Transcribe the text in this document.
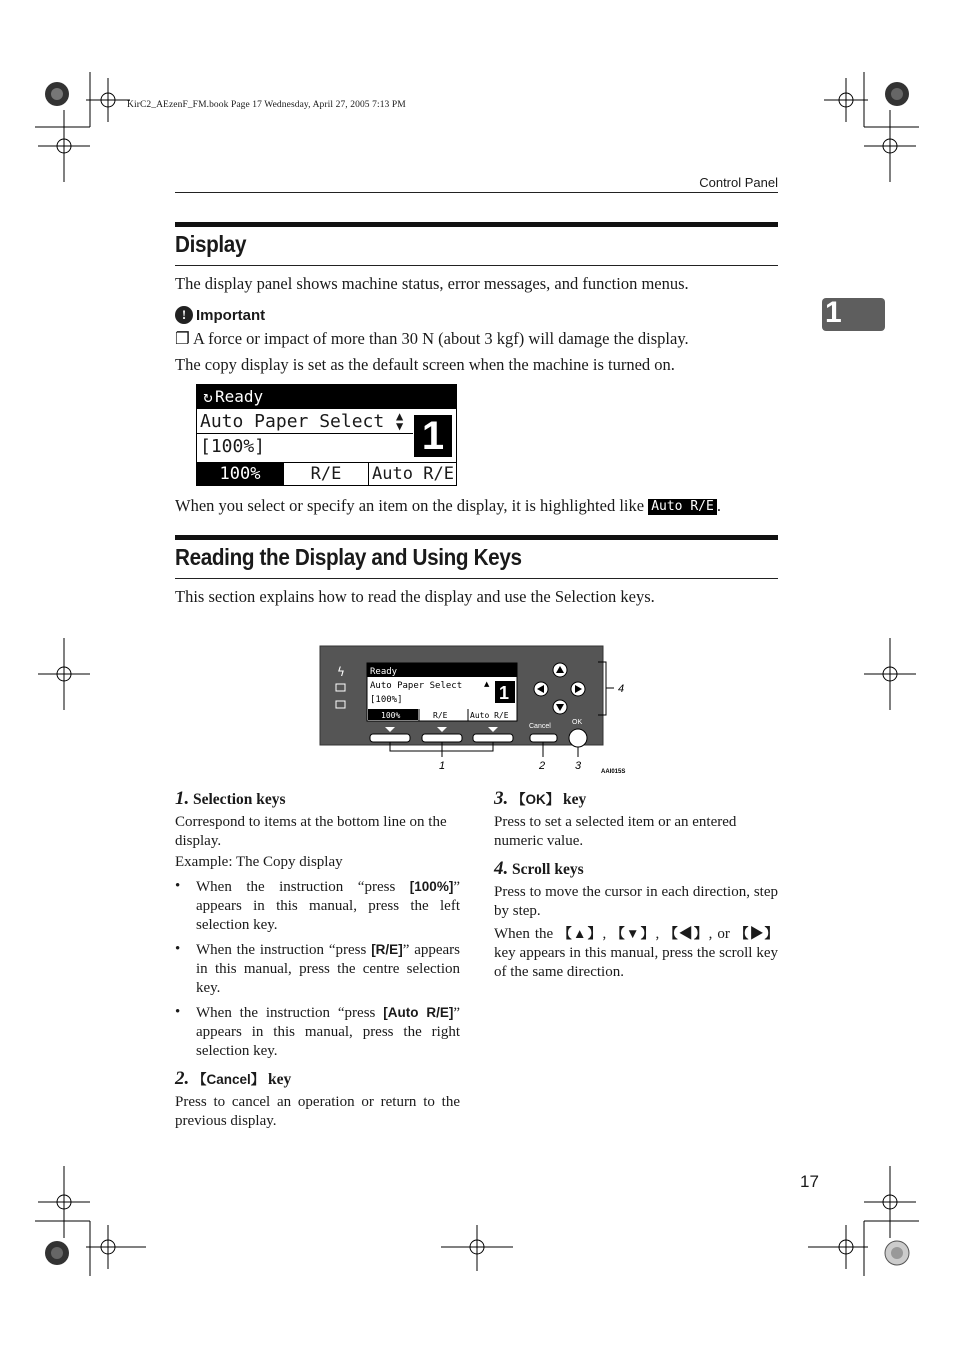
KirC2_AEzenF_FM.book Page 17 Wednesday, April 27, 2005 7:13 PM
Control Panel
1
Display
The display panel shows machine status, error messages, and function menus.
! Important
❐ A force or impact of more than 30 N (about 3 kgf) will damage the display.
The copy display is set as the default screen when the machine is turned on.
↻ Ready
Auto Paper Select ▲
▼
[100%]	1
100%	R/E	Auto R/E
When you select or specify an item on the display, it is highlighted like Auto R/E .
Reading the Display and Using Keys
This section explains how to read the display and use the Selection keys.
ϟ	Ready
Auto Paper Select	▲
[100%]	1
100%	R/E	Auto R/E
Cancel
OK
1	2	3
4
AAI015S

1. Selection keys

Correspond to items at the bottom line on the display.

Example: The Copy display

• When the instruction “press [100%]” appears in this manual, press the left selection key.
• When the instruction “press [R/E]” appears in this manual, press the centre selection key.
• When the instruction “press [Auto R/E]” appears in this manual, press the right selection key.

2. 【Cancel】 key

Press to cancel an operation or return to the previous display.

3. 【OK】 key

Press to set a selected item or an entered numeric value.

4. Scroll keys

Press to move the cursor in each direction, step by step.

When the 【▲】, 【▼】, 【◀】, or 【▶】 key appears in this manual, press the scroll key of the same direction.

17
